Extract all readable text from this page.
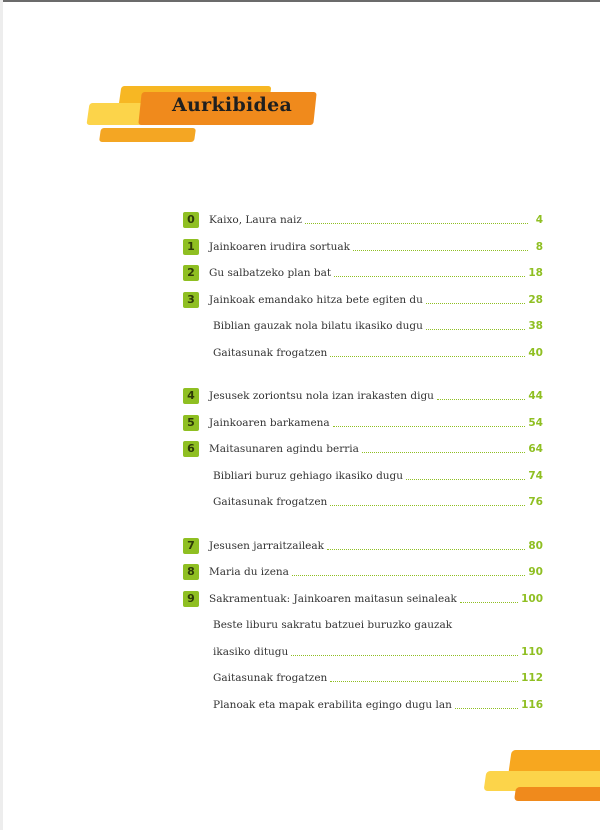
Aurkibidea
0	Kaixo, Laura naiz	4
1	Jainkoaren irudira sortuak	8
2	Gu salbatzeko plan bat	18
3	Jainkoak emandako hitza bete egiten du	28
Biblian gauzak nola bilatu ikasiko dugu	38
Gaitasunak frogatzen	40
4	Jesusek zoriontsu nola izan irakasten digu	44
5	Jainkoaren barkamena	54
6	Maitasunaren agindu berria	64
Bibliari buruz gehiago ikasiko dugu	74
Gaitasunak frogatzen	76
7	Jesusen jarraitzaileak	80
8	Maria du izena	90
9	Sakramentuak: Jainkoaren maitasun seinaleak	100
Beste liburu sakratu batzuei buruzko gauzak
ikasiko ditugu	110
Gaitasunak frogatzen	112
Planoak eta mapak erabilita egingo dugu lan	116
